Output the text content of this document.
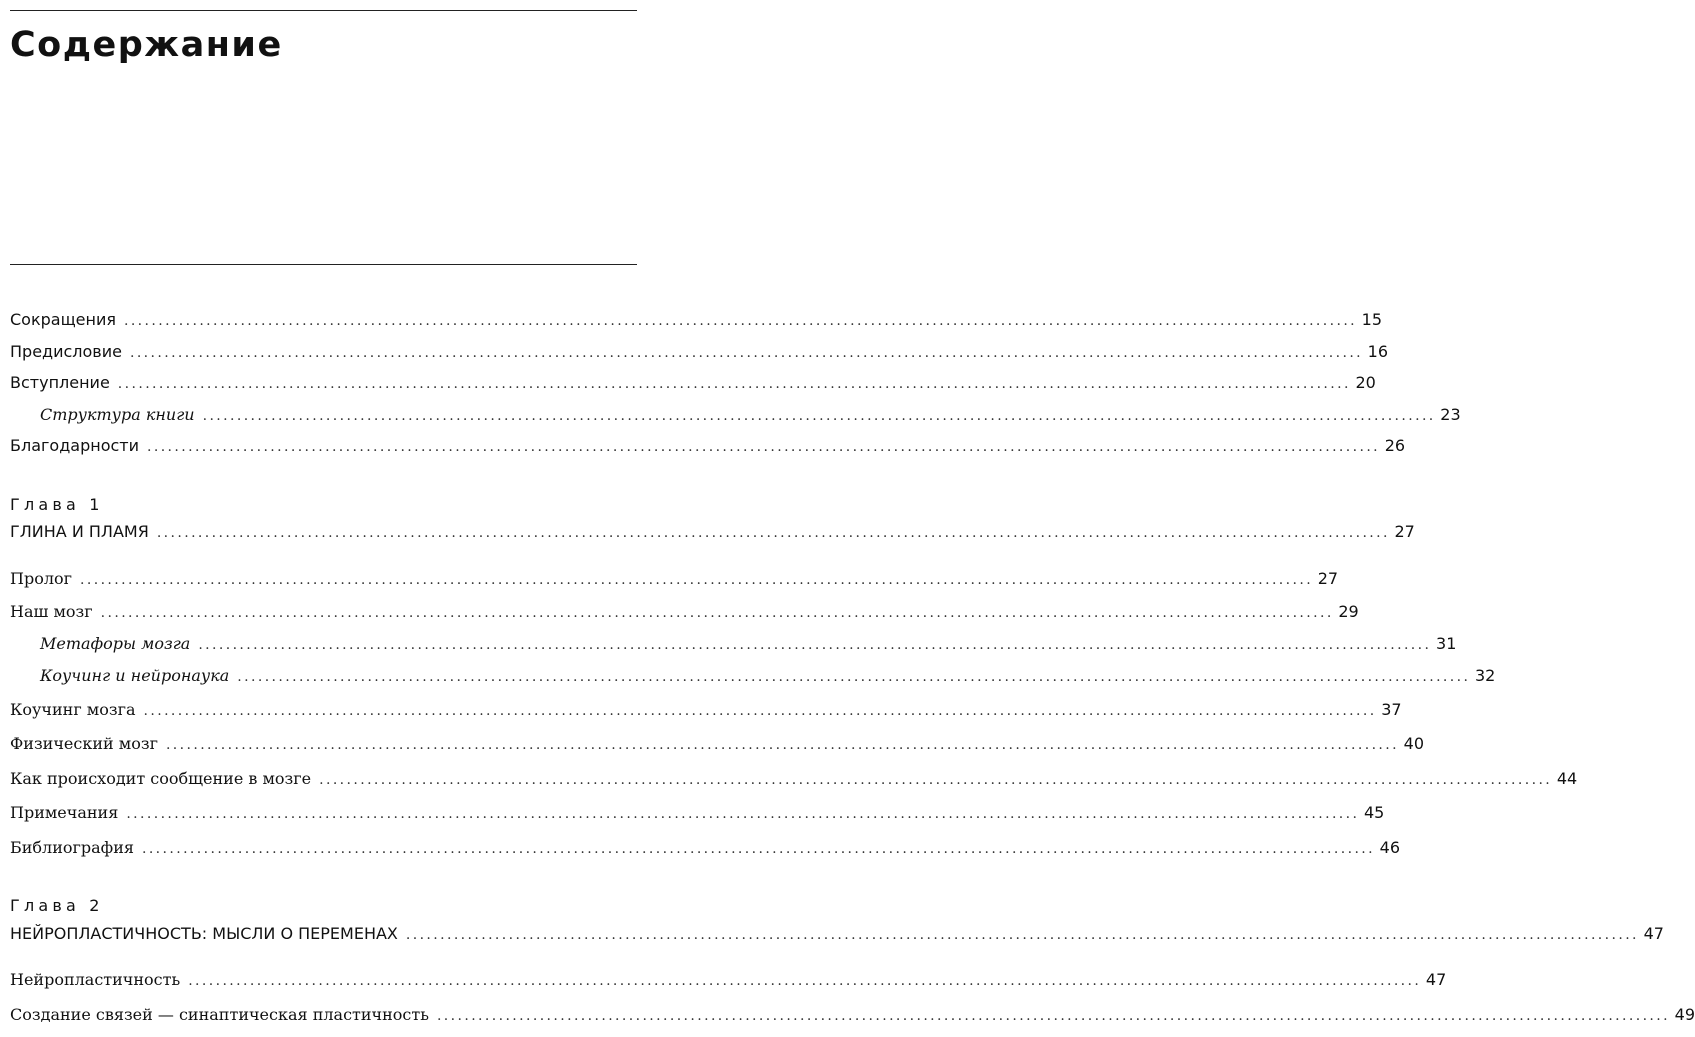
Содержание
Сокращения .................................................................................................................................................................................... 15
Предисловие .................................................................................................................................................................................... 16
Вступление .................................................................................................................................................................................... 20
Структура книги .................................................................................................................................................................................... 23
Благодарности .................................................................................................................................................................................... 26
Глава 1
ГЛИНА И ПЛАМЯ .................................................................................................................................................................................... 27
Пролог .................................................................................................................................................................................... 27
Наш мозг .................................................................................................................................................................................... 29
Метафоры мозга .................................................................................................................................................................................... 31
Коучинг и нейронаука .................................................................................................................................................................................... 32
Коучинг мозга .................................................................................................................................................................................... 37
Физический мозг .................................................................................................................................................................................... 40
Как происходит сообщение в мозге .................................................................................................................................................................................... 44
Примечания .................................................................................................................................................................................... 45
Библиография .................................................................................................................................................................................... 46
Глава 2
НЕЙРОПЛАСТИЧНОСТЬ: МЫСЛИ О ПЕРЕМЕНАХ .................................................................................................................................................................................... 47
Нейропластичность .................................................................................................................................................................................... 47
Создание связей — синаптическая пластичность .................................................................................................................................................................................... 49
